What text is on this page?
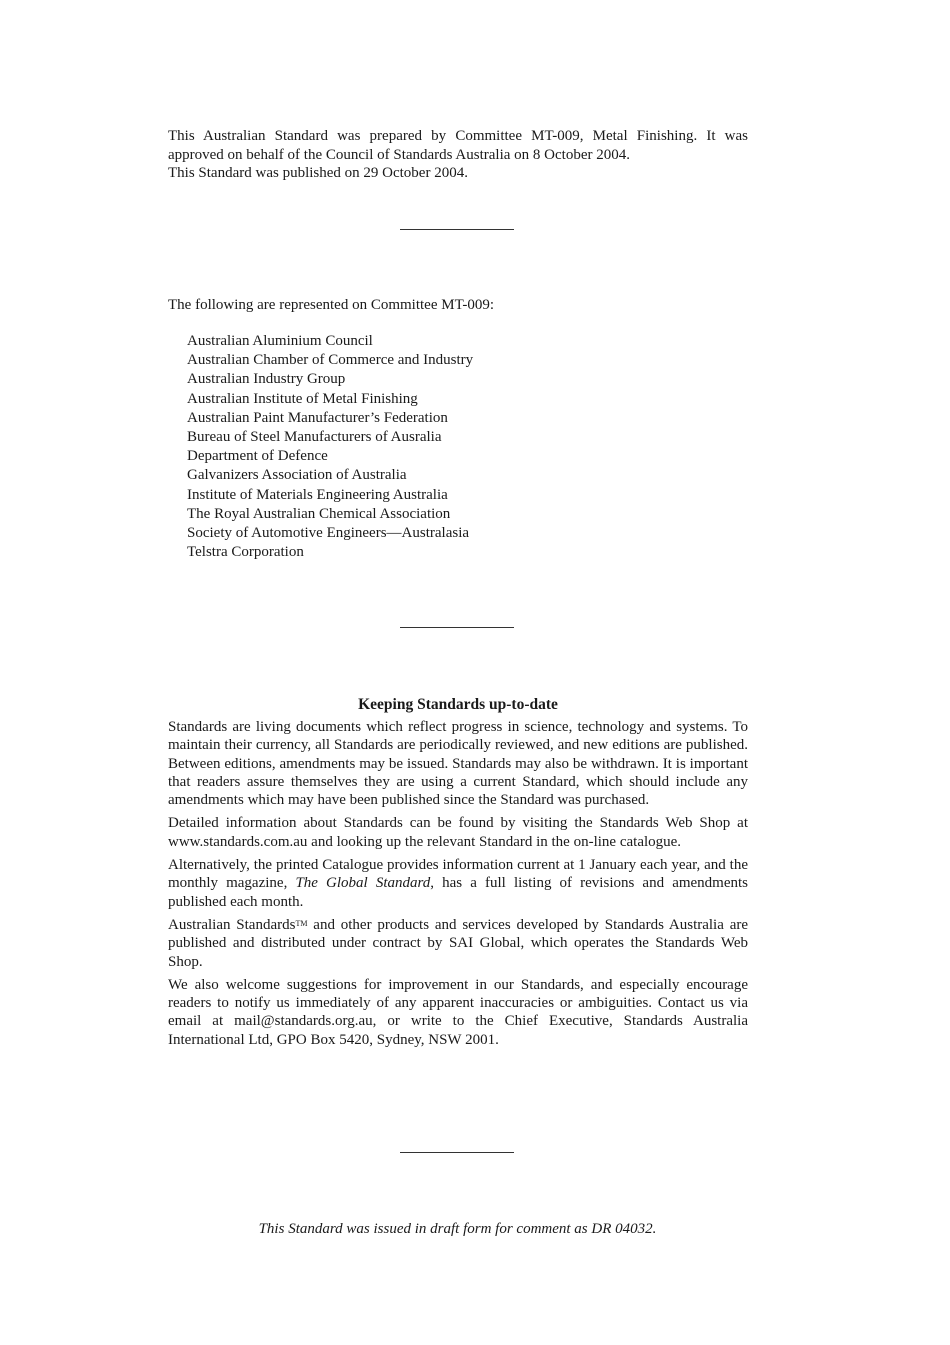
This Australian Standard was prepared by Committee MT-009, Metal Finishing. It was approved on behalf of the Council of Standards Australia on 8 October 2004.

This Standard was published on 29 October 2004.

The following are represented on Committee MT-009:

Australian Aluminium Council
Australian Chamber of Commerce and Industry
Australian Industry Group
Australian Institute of Metal Finishing
Australian Paint Manufacturer’s Federation
Bureau of Steel Manufacturers of Ausralia
Department of Defence
Galvanizers Association of Australia
Institute of Materials Engineering Australia
The Royal Australian Chemical Association
Society of Automotive Engineers—Australasia
Telstra Corporation
Keeping Standards up-to-date

Standards are living documents which reflect progress in science, technology and systems. To maintain their currency, all Standards are periodically reviewed, and new editions are published. Between editions, amendments may be issued. Standards may also be withdrawn. It is important that readers assure themselves they are using a current Standard, which should include any amendments which may have been published since the Standard was purchased.

Detailed information about Standards can be found by visiting the Standards Web Shop at www.standards.com.au and looking up the relevant Standard in the on-line catalogue.

Alternatively, the printed Catalogue provides information current at 1 January each year, and the monthly magazine, The Global Standard, has a full listing of revisions and amendments published each month.

Australian Standards™ and other products and services developed by Standards Australia are published and distributed under contract by SAI Global, which operates the Standards Web Shop.

We also welcome suggestions for improvement in our Standards, and especially encourage readers to notify us immediately of any apparent inaccuracies or ambiguities. Contact us via email at mail@standards.org.au, or write to the Chief Executive, Standards Australia International Ltd, GPO Box 5420, Sydney, NSW 2001.

This Standard was issued in draft form for comment as DR 04032.
